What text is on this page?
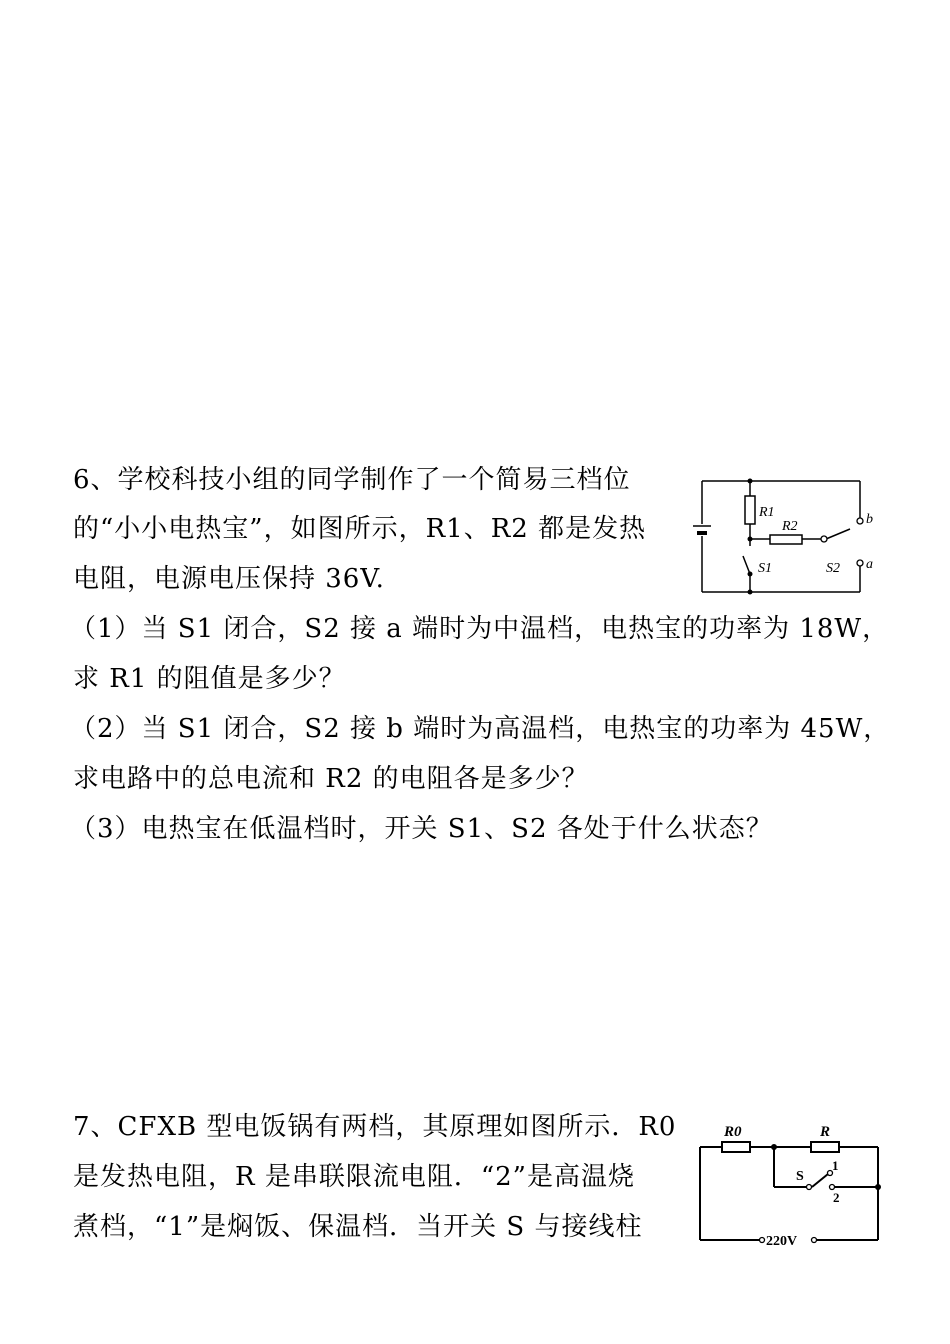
6、学校科技小组的同学制作了一个简易三档位
的“小小电热宝”，如图所示，R1、R2 都是发热
电阻，电源电压保持 36V.
（1）当 S1 闭合，S2 接 a 端时为中温档，电热宝的功率为 18W，
求 R1 的阻值是多少？
（2）当 S1 闭合，S2 接 b 端时为高温档，电热宝的功率为 45W，
求电路中的总电流和 R2 的电阻各是多少？
（3）电热宝在低温档时，开关 S1、S2 各处于什么状态？
R1
R2
S1	S2
b
a
7、CFXB 型电饭锅有两档，其原理如图所示．R0
是发热电阻，R 是串联限流电阻．“2”是高温烧
煮档，“1”是焖饭、保温档．当开关 S 与接线柱
R0	R
S
1
2
220V
